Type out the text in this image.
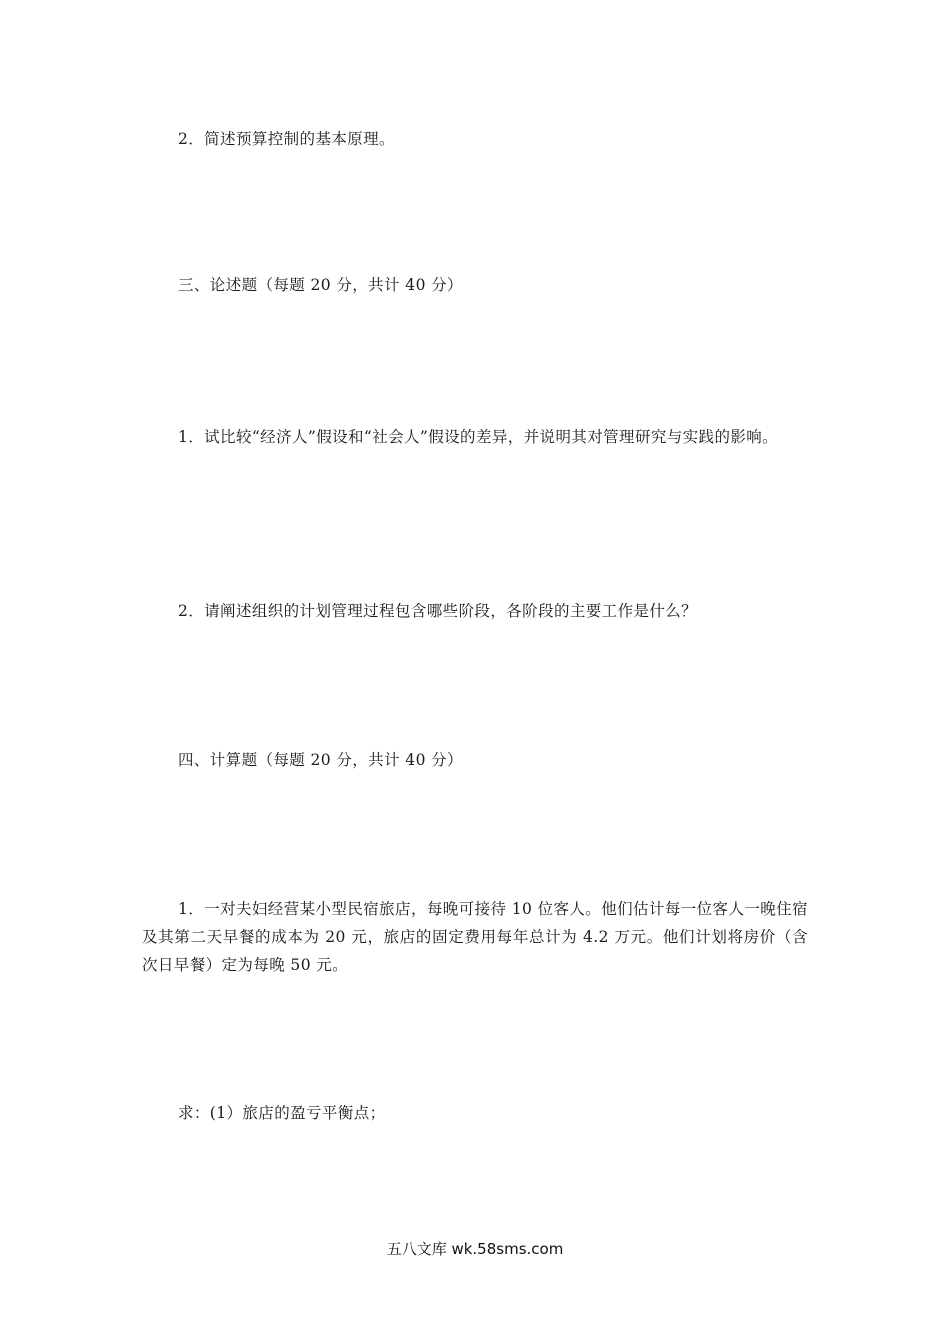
2．简述预算控制的基本原理。
三、论述题（每题 20 分，共计 40 分）
1．试比较“经济人”假设和“社会人”假设的差异，并说明其对管理研究与实践的影响。
2．请阐述组织的计划管理过程包含哪些阶段，各阶段的主要工作是什么？
四、计算题（每题 20 分，共计 40 分）
1．一对夫妇经营某小型民宿旅店，每晚可接待 10 位客人。他们估计每一位客人一晚住宿及其第二天早餐的成本为 20 元，旅店的固定费用每年总计为 4.2 万元。他们计划将房价（含次日早餐）定为每晚 50 元。
求：(1）旅店的盈亏平衡点；
五八文库 wk.58sms.com
